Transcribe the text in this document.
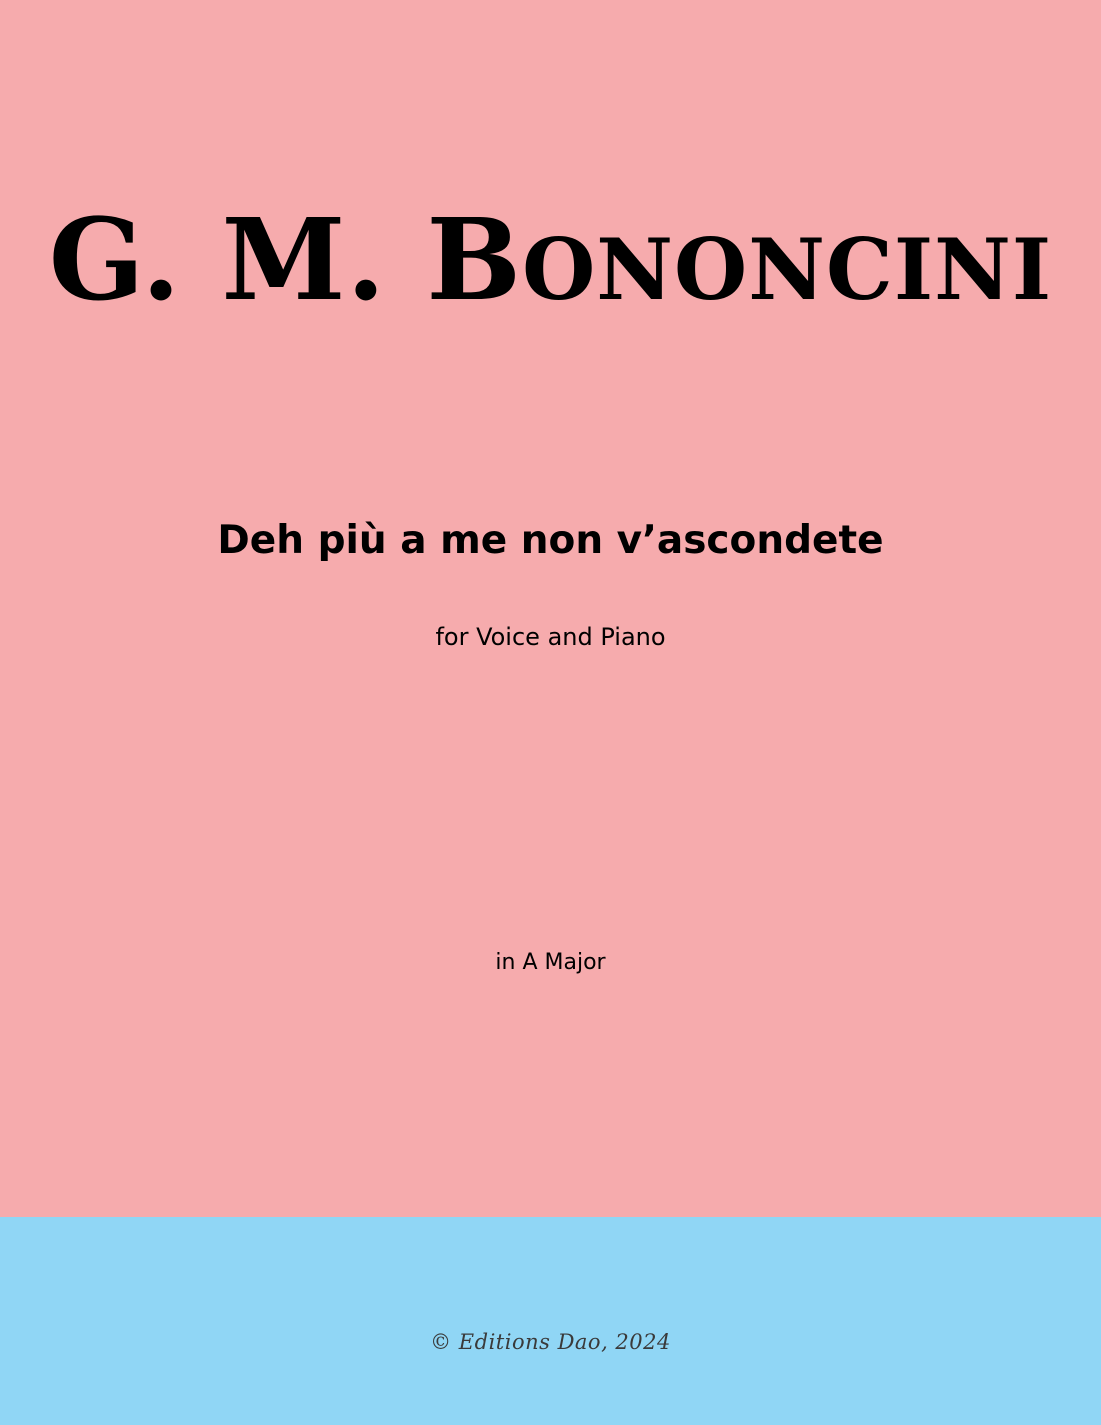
G. M. BONONCINI
Deh più a me non v’ascondete
for Voice and Piano
in A Major
© Editions Dao, 2024
